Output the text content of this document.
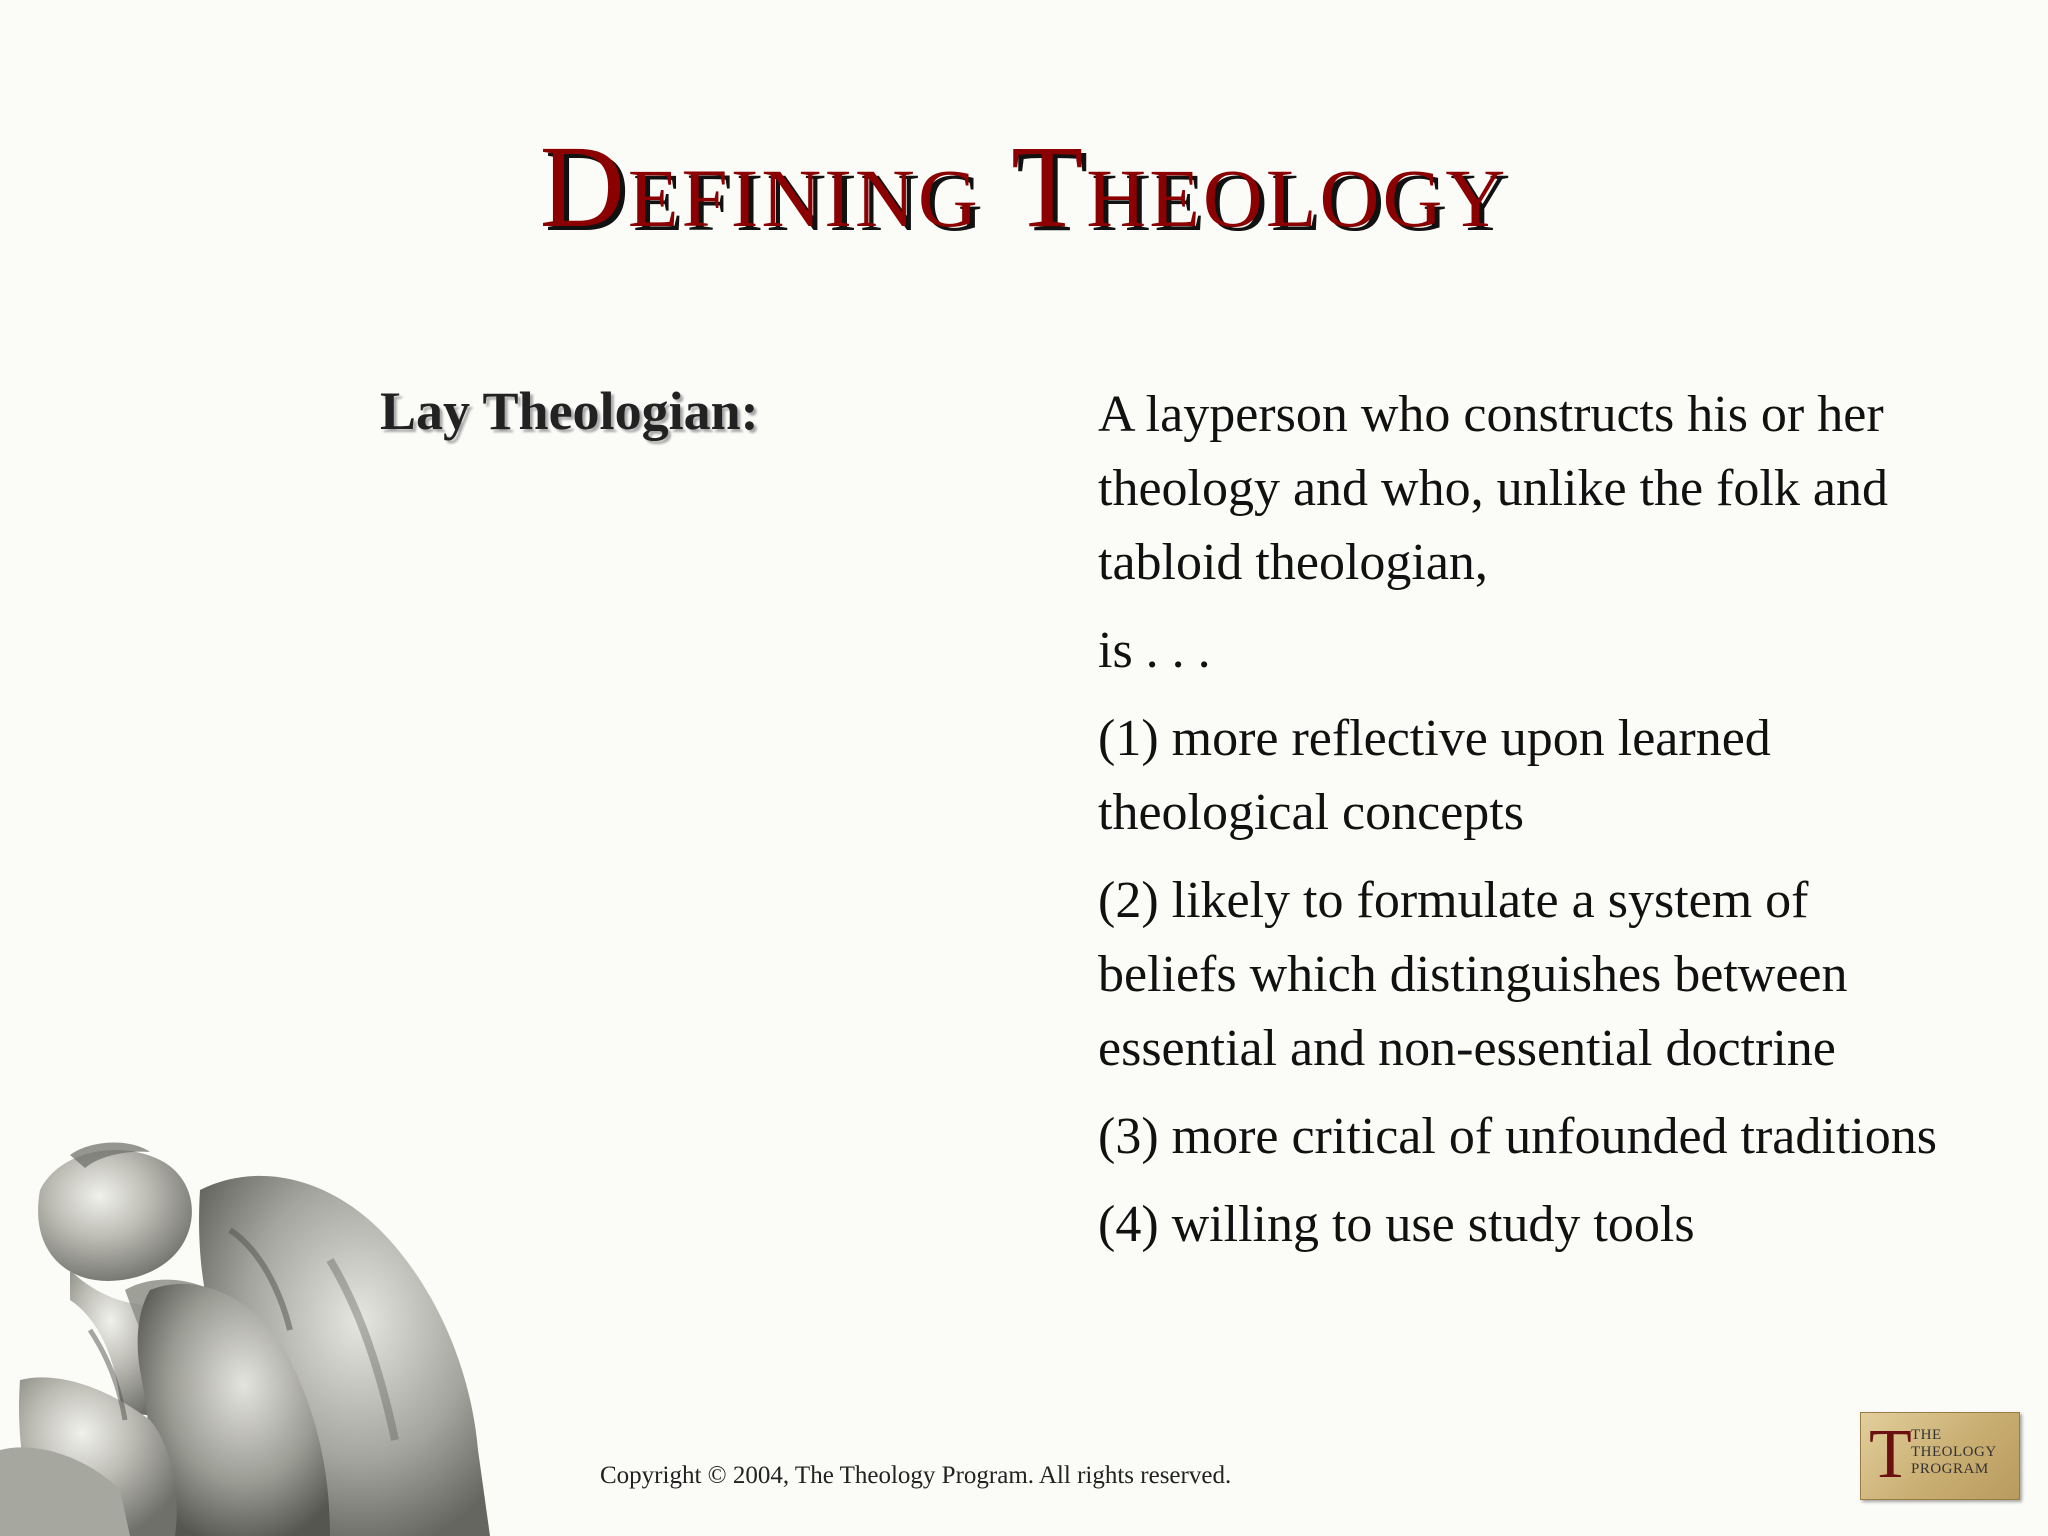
Defining Theology
Lay Theologian:	A layperson who constructs his or her theology and who, unlike the folk and tabloid theologian,

is . . .

(1) more reflective upon learned theological concepts

(2) likely to formulate a system of beliefs which distinguishes between essential and non-essential doctrine

(3) more critical of unfounded traditions

(4) willing to use study tools

Copyright © 2004, The Theology Program. All rights reserved.	T THE
THEOLOGY
PROGRAM
